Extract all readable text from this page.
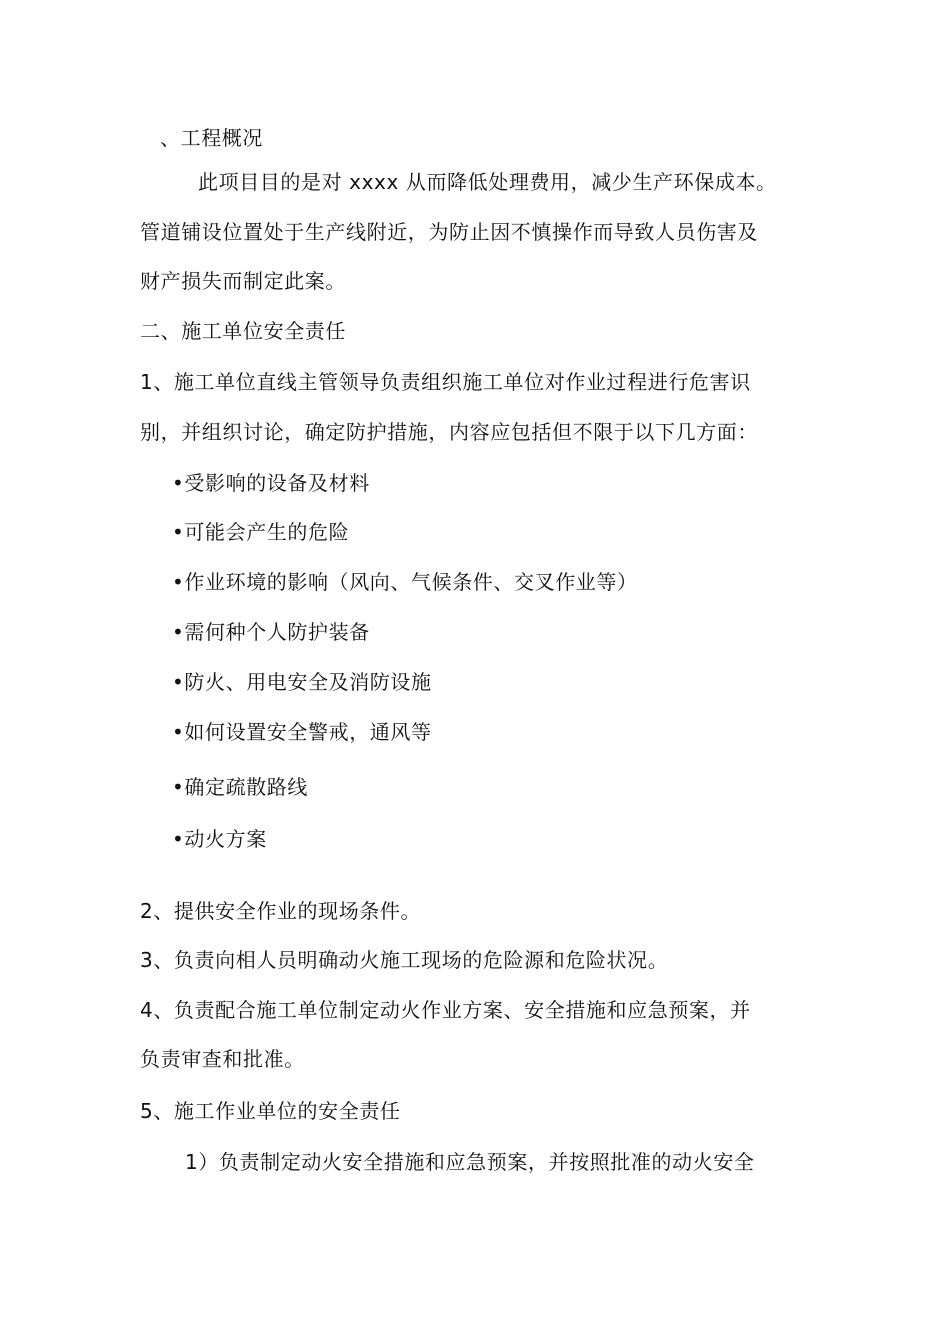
、工程概况
此项目目的是对 xxxx 从而降低处理费用，减少生产环保成本。
管道铺设位置处于生产线附近，为防止因不慎操作而导致人员伤害及
财产损失而制定此案。
二、施工单位安全责任
1、施工单位直线主管领导负责组织施工单位对作业过程进行危害识
别，并组织讨论，确定防护措施，内容应包括但不限于以下几方面：
•受影响的设备及材料
•可能会产生的危险
•作业环境的影响（风向、气候条件、交叉作业等）
•需何种个人防护装备
•防火、用电安全及消防设施
•如何设置安全警戒，通风等
•确定疏散路线
•动火方案
2、提供安全作业的现场条件。
3、负责向相人员明确动火施工现场的危险源和危险状况。
4、负责配合施工单位制定动火作业方案、安全措施和应急预案，并
负责审查和批准。
5、施工作业单位的安全责任
1）负责制定动火安全措施和应急预案，并按照批准的动火安全
